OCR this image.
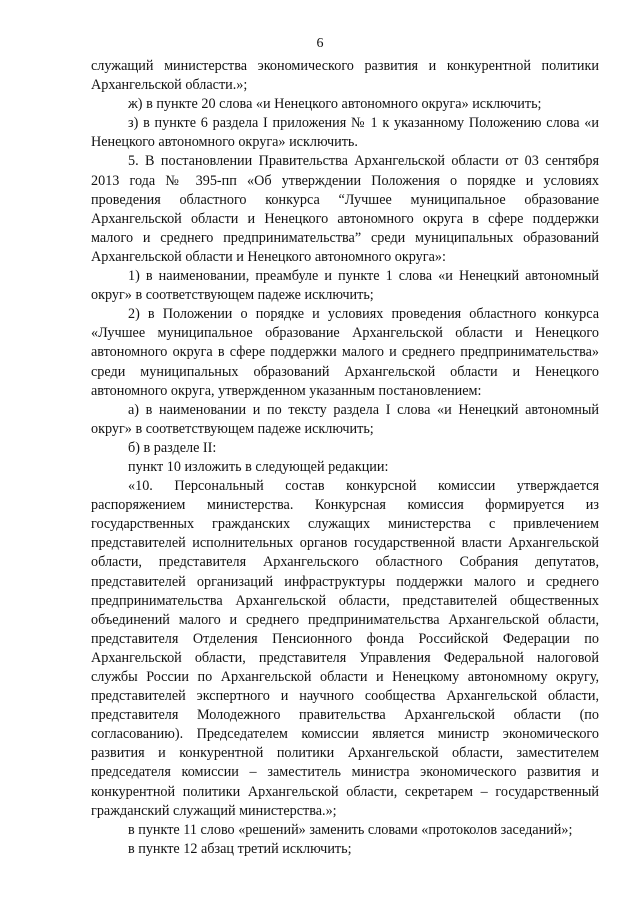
6

служащий министерства экономического развития и конкурентной политики Архангельской области.»;

ж) в пункте 20 слова «и Ненецкого автономного округа» исключить;

з) в пункте 6 раздела I приложения № 1 к указанному Положению слова «и Ненецкого автономного округа» исключить.

5. В постановлении Правительства Архангельской области от 03 сентября 2013 года № 395-пп «Об утверждении Положения о порядке и условиях проведения областного конкурса “Лучшее муниципальное образование Архангельской области и Ненецкого автономного округа в сфере поддержки малого и среднего предпринимательства” среди муниципальных образований Архангельской области и Ненецкого автономного округа»:

1) в наименовании, преамбуле и пункте 1 слова «и Ненецкий автономный округ» в соответствующем падеже исключить;

2) в Положении о порядке и условиях проведения областного конкурса «Лучшее муниципальное образование Архангельской области и Ненецкого автономного округа в сфере поддержки малого и среднего предпринимательства» среди муниципальных образований Архангельской области и Ненецкого автономного округа, утвержденном указанным постановлением:

а) в наименовании и по тексту раздела I слова «и Ненецкий автономный округ» в соответствующем падеже исключить;

б) в разделе II:

пункт 10 изложить в следующей редакции:

«10. Персональный состав конкурсной комиссии утверждается распоряжением министерства. Конкурсная комиссия формируется из государственных гражданских служащих министерства с привлечением представителей исполнительных органов государственной власти Архангельской области, представителя Архангельского областного Собрания депутатов, представителей организаций инфраструктуры поддержки малого и среднего предпринимательства Архангельской области, представителей общественных объединений малого и среднего предпринимательства Архангельской области, представителя Отделения Пенсионного фонда Российской Федерации по Архангельской области, представителя Управления Федеральной налоговой службы России по Архангельской области и Ненецкому автономному округу, представителей экспертного и научного сообщества Архангельской области, представителя Молодежного правительства Архангельской области (по согласованию). Председателем комиссии является министр экономического развития и конкурентной политики Архангельской области, заместителем председателя комиссии – заместитель министра экономического развития и конкурентной политики Архангельской области, секретарем – государственный гражданский служащий министерства.»;

в пункте 11 слово «решений» заменить словами «протоколов заседаний»;

в пункте 12 абзац третий исключить;
